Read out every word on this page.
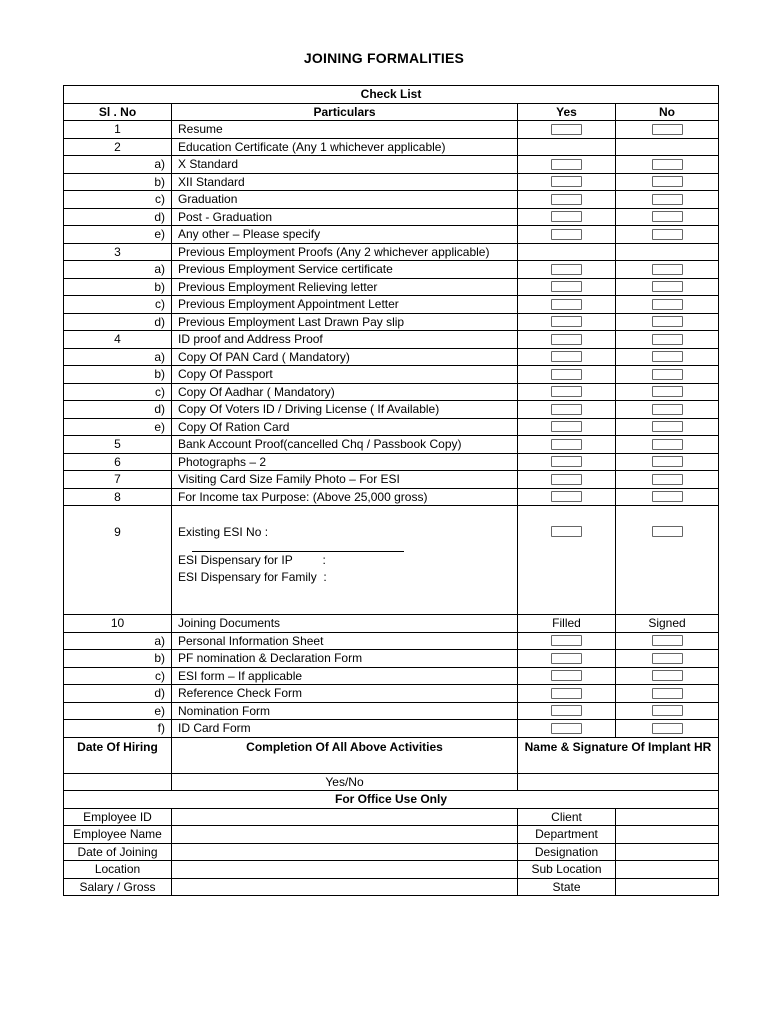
JOINING FORMALITIES
Check List			
Sl . No	Particulars	Yes	No
1	Resume	

2	Education Certificate (Any 1 whichever applicable)		
a)	X Standard	

b)	XII Standard	

c)	Graduation	

d)	Post - Graduation	

e)	Any other – Please specify	

3	Previous Employment Proofs (Any 2 whichever applicable)		
a)	Previous Employment Service certificate	

b)	Previous Employment Relieving letter	

c)	Previous Employment Appointment Letter	

d)	Previous Employment Last Drawn Pay slip	

4	ID proof and Address Proof	

a)	Copy Of PAN Card ( Mandatory)	

b)	Copy Of Passport	

c)	Copy Of Aadhar ( Mandatory)	

d)	Copy Of Voters ID / Driving License ( If Available)	

e)	Copy Of Ration Card	

5	Bank Account Proof(cancelled Chq / Passbook Copy)	

6	Photographs – 2	

7	Visiting Card Size Family Photo – For ESI	

8	For Income tax Purpose: (Above 25,000 gross)	

9	Existing ESI No :
ESI Dispensary for IP         :
ESI Dispensary for Family  :		

10	Joining Documents	Filled	Signed
a)	Personal Information Sheet	

b)	PF nomination & Declaration Form	

c)	ESI form – If applicable	

d)	Reference Check Form	

e)	Nomination Form	

f)	ID Card Form	

Date Of Hiring	Completion Of All Above Activities	Name & Signature Of Implant HR	
	Yes/No		
For Office Use Only			
Employee ID		Client	
Employee Name		Department	
Date of Joining		Designation	
Location		Sub Location	
Salary / Gross		State	
